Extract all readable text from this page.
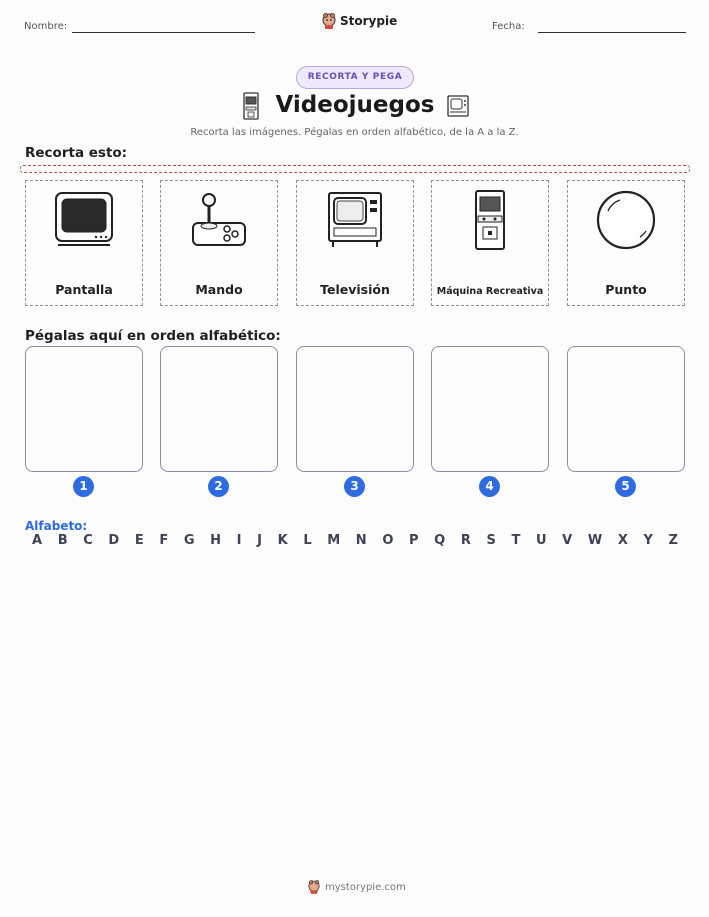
Nombre:	Storypie	Fecha:
RECORTA Y PEGA
Videojuegos
Recorta las imágenes. Pégalas en orden alfabético, de la A a la Z.
Recorta esto:
Pantalla	Mando	Televisión	Máquina Recreativa	Punto
Pégalas aquí en orden alfabético:
1	2	3	4	5
Alfabeto:
A B C D E F G H I J K L M N O P Q R S T U V W X Y Z
mystorypie.com
